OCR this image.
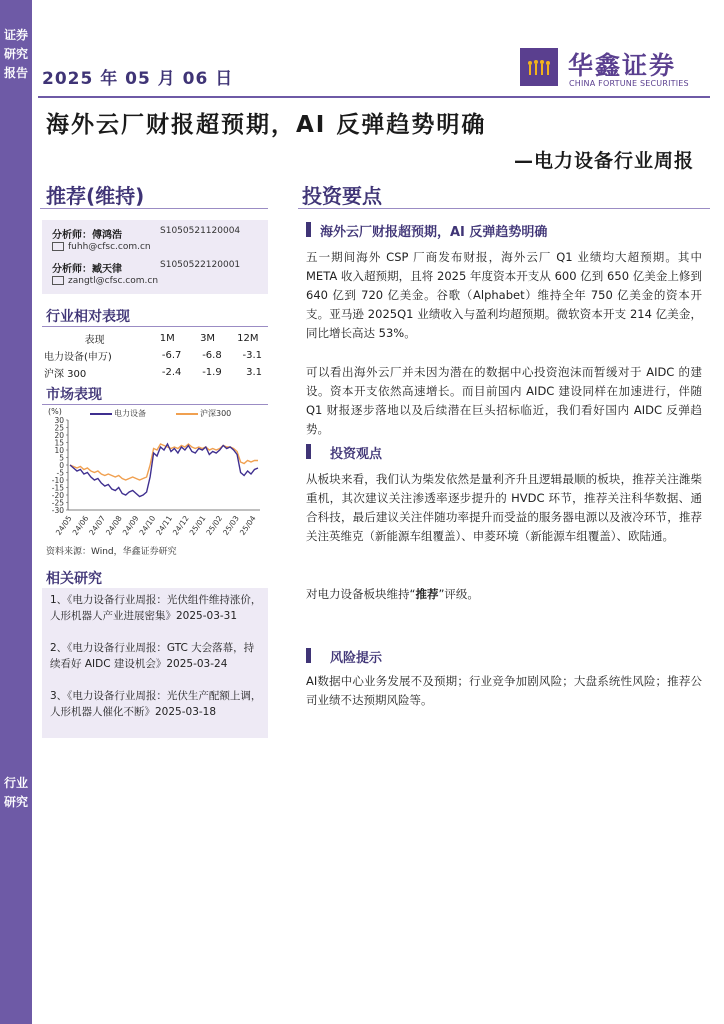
证券研究报告
行业研究
2025 年 05 月 06 日	华鑫证券
CHINA FORTUNE SECURITIES
海外云厂财报超预期，AI 反弹趋势明确
—电力设备行业周报
推荐(维持)
分析师：傅鸿浩	S1050521120004
fuhh@cfsc.com.cn
分析师：臧天律	S1050522120001
zangtl@cfsc.com.cn
行业相对表现
表现	1M	3M	12M
电力设备(申万)	-6.7	-6.8	-3.1
沪深 300	-2.4	-1.9	3.1
市场表现
电力设备	沪深300
(%)
30
25
20
15
10
5
0
-5
-10
-15
-20
-25
-30
24/05
24/06
24/07
24/08
24/09
24/10
24/11
24/12
25/01
25/02
25/03
25/04
资料来源：Wind，华鑫证券研究
相关研究
1、《电力设备行业周报：光伏组件维持涨价，人形机器人产业进展密集》2025-03-31
2、《电力设备行业周报：GTC 大会落幕，持续看好 AIDC 建设机会》2025-03-24
3、《电力设备行业周报：光伏生产配额上调，人形机器人催化不断》2025-03-18
投资要点
海外云厂财报超预期，AI 反弹趋势明确
五一期间海外 CSP 厂商发布财报，海外云厂 Q1 业绩均大超预期。其中 META 收入超预期，且将 2025 年度资本开支从 600 亿到 650 亿美金上修到 640 亿到 720 亿美金。谷歌（Alphabet）维持全年 750 亿美金的资本开支。亚马逊 2025Q1 业绩收入与盈利均超预期。微软资本开支 214 亿美金，同比增长高达 53%。
可以看出海外云厂并未因为潜在的数据中心投资泡沫而暂缓对于 AIDC 的建设。资本开支依然高速增长。而目前国内 AIDC 建设同样在加速进行，伴随 Q1 财报逐步落地以及后续潜在巨头招标临近，我们看好国内 AIDC 反弹趋势。
投资观点
从板块来看，我们认为柴发依然是量利齐升且逻辑最顺的板块，推荐关注潍柴重机，其次建议关注渗透率逐步提升的 HVDC 环节，推荐关注科华数据、通合科技，最后建议关注伴随功率提升而受益的服务器电源以及液冷环节，推荐关注英维克（新能源车组覆盖）、申菱环境（新能源车组覆盖）、欧陆通。
对电力设备板块维持“推荐”评级。
风险提示
AI数据中心业务发展不及预期；行业竞争加剧风险；大盘系统性风险；推荐公司业绩不达预期风险等。
